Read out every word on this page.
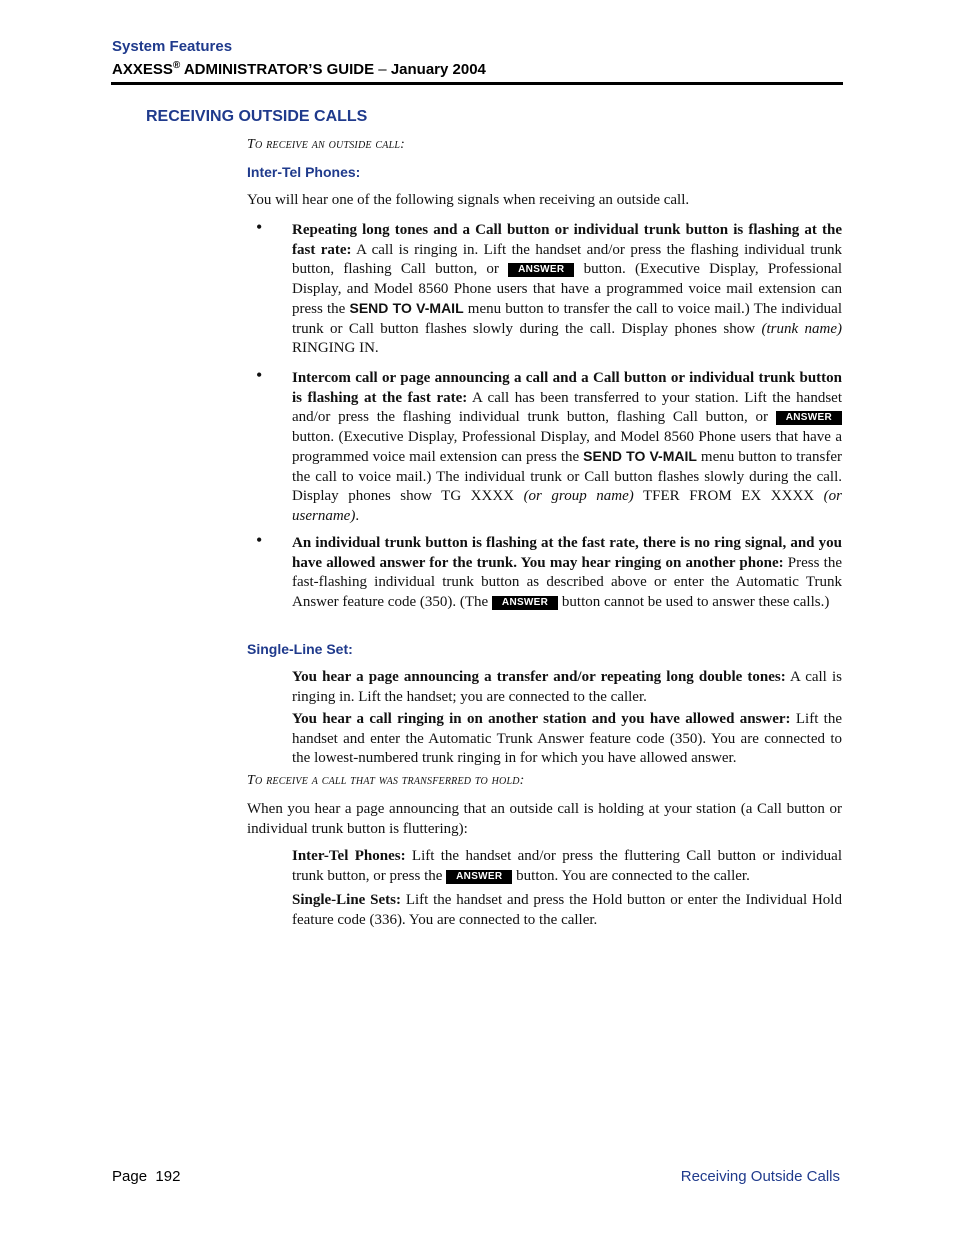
System Features
AXXESS® ADMINISTRATOR’S GUIDE – January 2004
RECEIVING OUTSIDE CALLS
To receive an outside call:
Inter-Tel Phones:
You will hear one of the following signals when receiving an outside call.
• Repeating long tones and a Call button or individual trunk button is flashing at the fast rate: A call is ringing in. Lift the handset and/or press the flashing individual trunk button, flashing Call button, or ANSWER button. (Executive Display, Professional Display, and Model 8560 Phone users that have a programmed voice mail extension can press the SEND TO V-MAIL menu button to transfer the call to voice mail.) The individual trunk or Call button flashes slowly during the call. Display phones show (trunk name) RINGING IN.
• Intercom call or page announcing a call and a Call button or individual trunk button is flashing at the fast rate: A call has been transferred to your station. Lift the handset and/or press the flashing individual trunk button, flashing Call button, or ANSWER button. (Executive Display, Professional Display, and Model 8560 Phone users that have a programmed voice mail extension can press the SEND TO V-MAIL menu button to transfer the call to voice mail.) The individual trunk or Call button flashes slowly during the call. Display phones show TG XXXX (or group name) TFER FROM EX XXXX (or username).
• An individual trunk button is flashing at the fast rate, there is no ring signal, and you have allowed answer for the trunk. You may hear ringing on another phone: Press the fast-flashing individual trunk button as described above or enter the Automatic Trunk Answer feature code (350). (The ANSWER button cannot be used to answer these calls.)
Single-Line Set:
You hear a page announcing a transfer and/or repeating long double tones: A call is ringing in. Lift the handset; you are connected to the caller.
You hear a call ringing in on another station and you have allowed answer: Lift the handset and enter the Automatic Trunk Answer feature code (350). You are connected to the lowest-numbered trunk ringing in for which you have allowed answer.
To receive a call that was transferred to hold:
When you hear a page announcing that an outside call is holding at your station (a Call button or individual trunk button is fluttering):
Inter-Tel Phones: Lift the handset and/or press the fluttering Call button or individual trunk button, or press the ANSWER button. You are connected to the caller.
Single-Line Sets: Lift the handset and press the Hold button or enter the Individual Hold feature code (336). You are connected to the caller.
Page 192	Receiving Outside Calls
